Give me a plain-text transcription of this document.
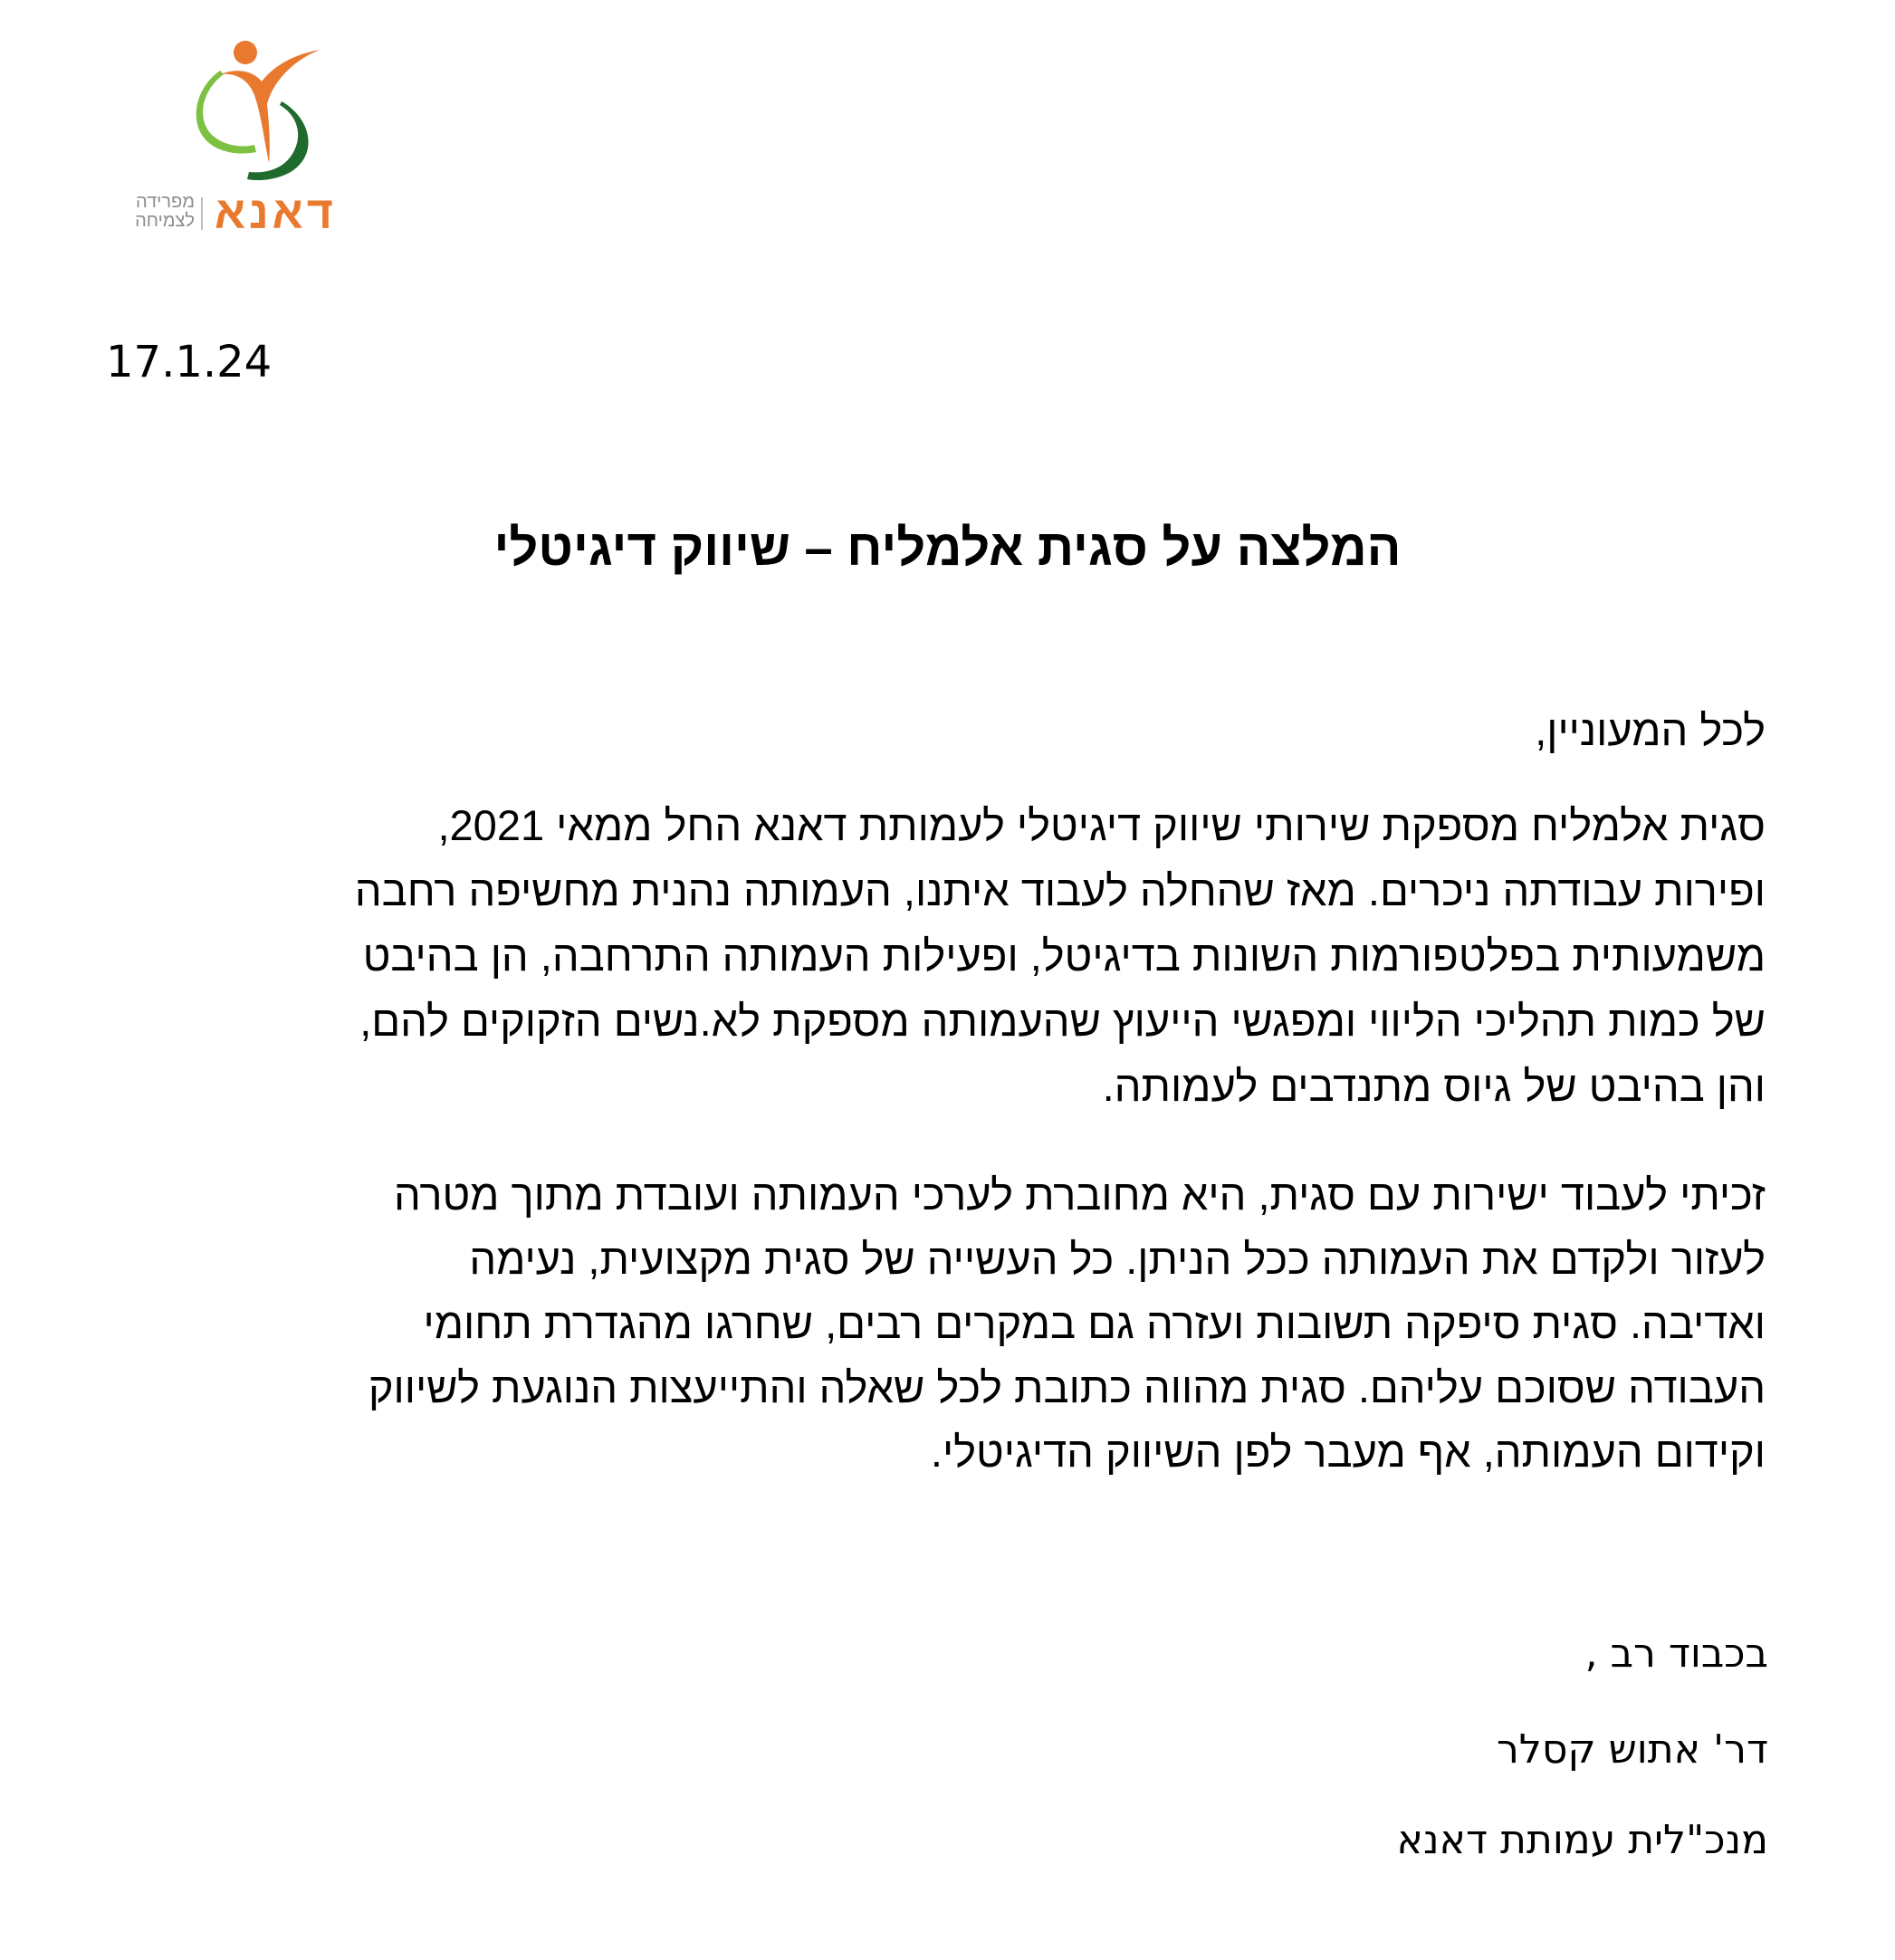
דאנא
מפרידה
לצמיחה
17.1.24
המלצה על סגית אלמליח – שיווק דיגיטלי
לכל המעוניין,
סגית אלמליח מספקת שירותי שיווק דיגיטלי לעמותת דאנא החל ממאי 2021,
ופירות עבודתה ניכרים. מאז שהחלה לעבוד איתנו, העמותה נהנית מחשיפה רחבה
משמעותית בפלטפורמות השונות בדיגיטל, ופעילות העמותה התרחבה, הן בהיבט
של כמות תהליכי הליווי ומפגשי הייעוץ שהעמותה מספקת לא.נשים הזקוקים להם,
והן בהיבט של גיוס מתנדבים לעמותה.
זכיתי לעבוד ישירות עם סגית, היא מחוברת לערכי העמותה ועובדת מתוך מטרה
לעזור ולקדם את העמותה ככל הניתן. כל העשייה של סגית מקצועית, נעימה
ואדיבה. סגית סיפקה תשובות ועזרה גם במקרים רבים, שחרגו מהגדרת תחומי
העבודה שסוכם עליהם. סגית מהווה כתובת לכל שאלה והתייעצות הנוגעת לשיווק
וקידום העמותה, אף מעבר לפן השיווק הדיגיטלי.
בכבוד רב ,
דר' אתוש קסלר
מנכ"לית עמותת דאנא
